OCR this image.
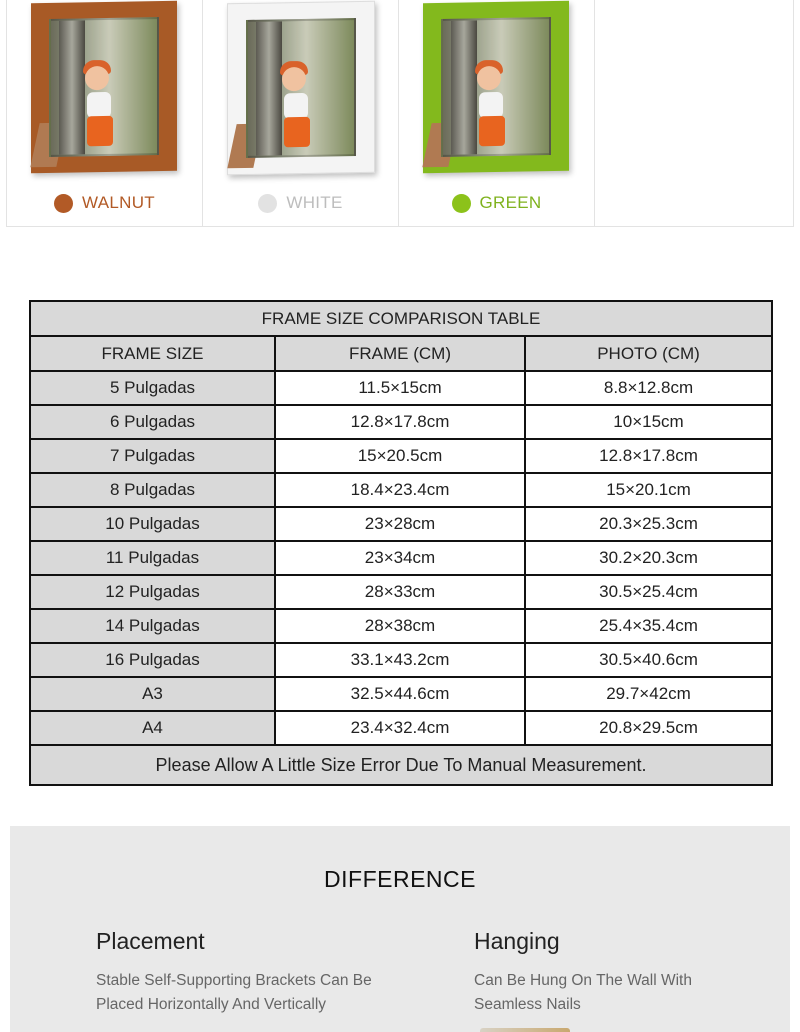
WALNUT	WHITE	GREEN
FRAME SIZE COMPARISON TABLE		
FRAME SIZE	FRAME (CM)	PHOTO (CM)
5 Pulgadas	11.5×15cm	8.8×12.8cm
6 Pulgadas	12.8×17.8cm	10×15cm
7 Pulgadas	15×20.5cm	12.8×17.8cm
8 Pulgadas	18.4×23.4cm	15×20.1cm
10 Pulgadas	23×28cm	20.3×25.3cm
11 Pulgadas	23×34cm	30.2×20.3cm
12 Pulgadas	28×33cm	30.5×25.4cm
14 Pulgadas	28×38cm	25.4×35.4cm
16 Pulgadas	33.1×43.2cm	30.5×40.6cm
A3	32.5×44.6cm	29.7×42cm
A4	23.4×32.4cm	20.8×29.5cm
Please Allow A Little Size Error Due To Manual Measurement.		
DIFFERENCE
Placement
Stable Self-Supporting Brackets Can Be
Placed Horizontally And Vertically
Hanging
Can Be Hung On The Wall With
Seamless Nails
